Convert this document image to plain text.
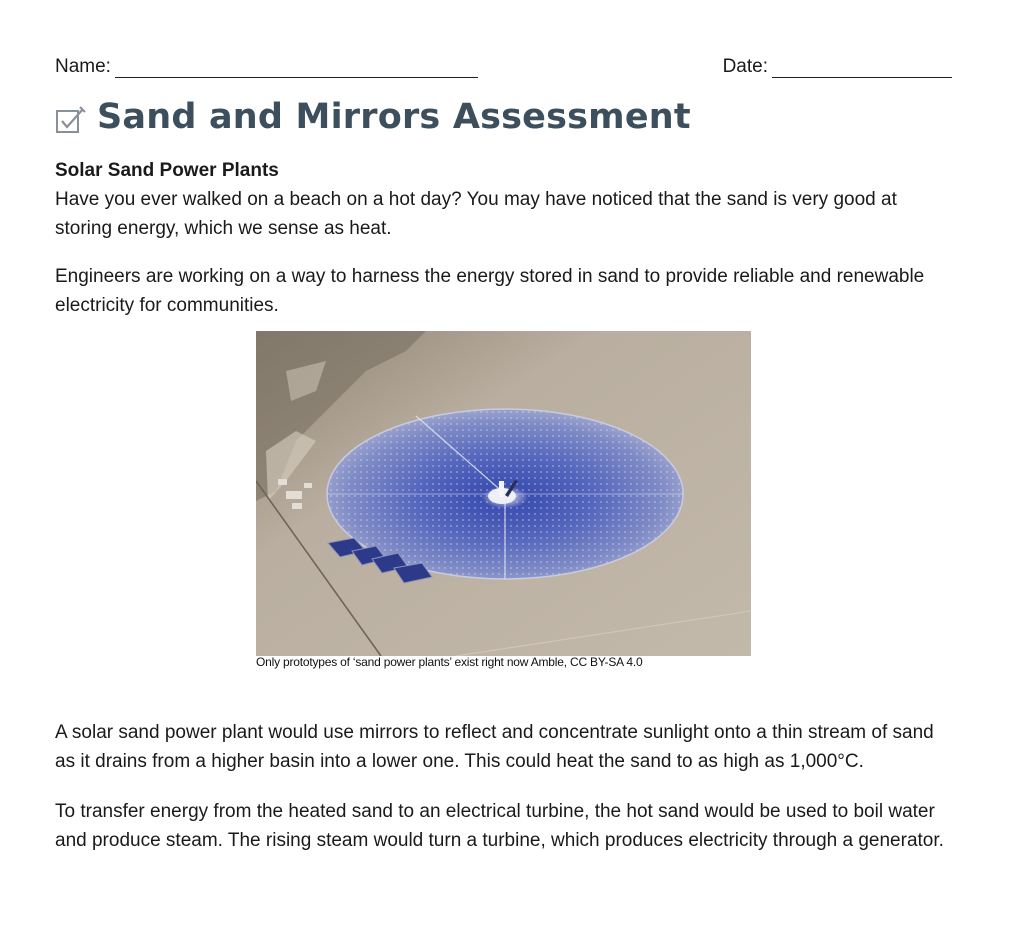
Name:	Date:
Sand and Mirrors Assessment
Solar Sand Power Plants

Have you ever walked on a beach on a hot day? You may have noticed that the sand is very good at storing energy, which we sense as heat.

Engineers are working on a way to harness the energy stored in sand to provide reliable and renewable electricity for communities.

Only prototypes of ‘sand power plants’ exist right now Amble, CC BY-SA 4.0

A solar sand power plant would use mirrors to reflect and concentrate sunlight onto a thin stream of sand as it drains from a higher basin into a lower one. This could heat the sand to as high as 1,000°C.

To transfer energy from the heated sand to an electrical turbine, the hot sand would be used to boil water and produce steam. The rising steam would turn a turbine, which produces electricity through a generator.
